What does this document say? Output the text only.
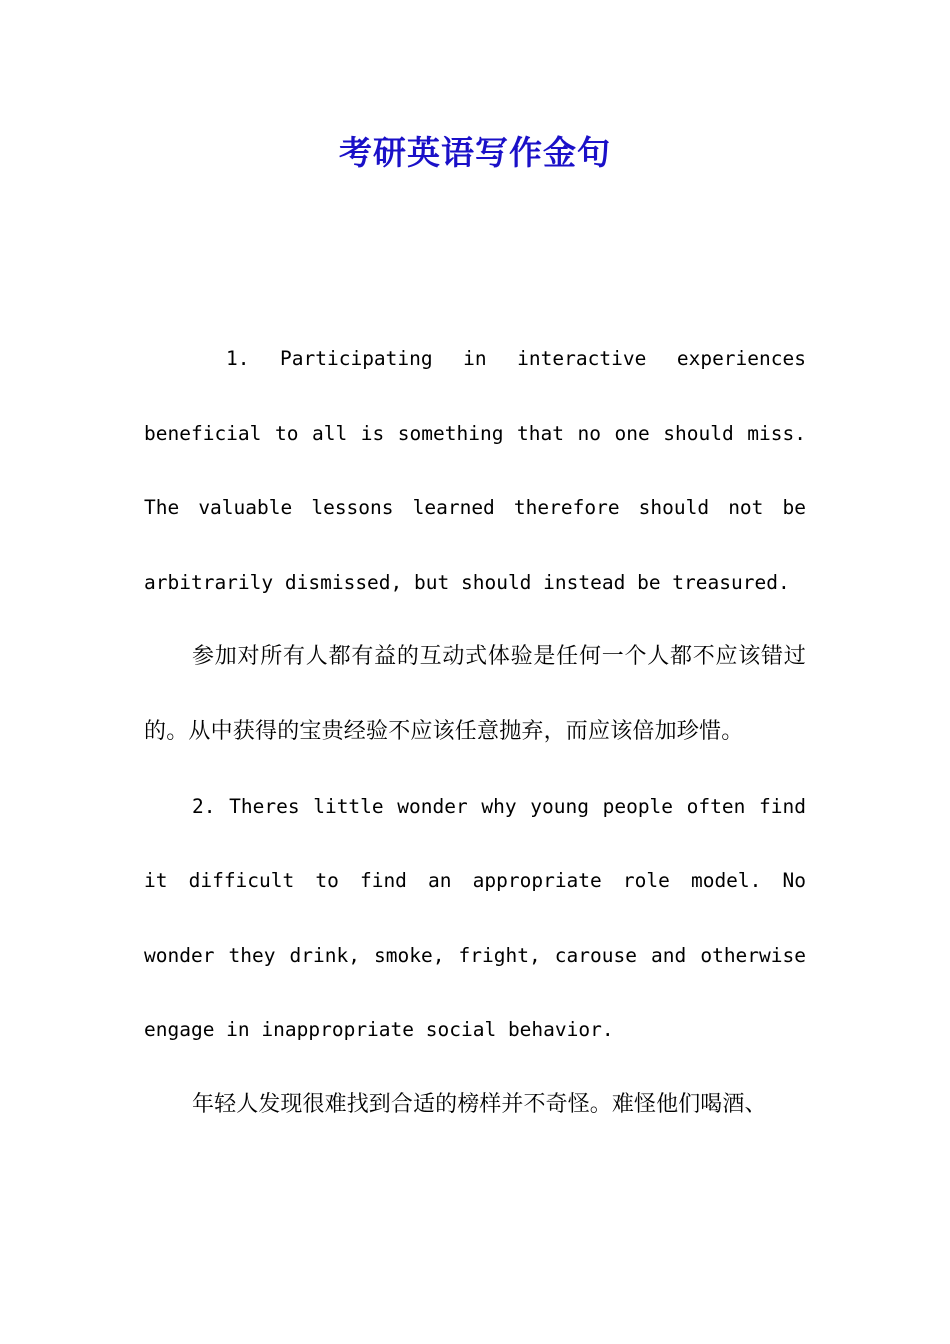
考研英语写作金句

1. Participating in interactive experiences beneficial to all is something that no one should miss. The valuable lessons learned therefore should not be arbitrarily dismissed, but should instead be treasured.

参加对所有人都有益的互动式体验是任何一个人都不应该错过的。从中获得的宝贵经验不应该任意抛弃，而应该倍加珍惜。

2. Theres little wonder why young people often find it difficult to find an appropriate role model. No wonder they drink, smoke, fright, carouse and otherwise engage in inappropriate social behavior.

年轻人发现很难找到合适的榜样并不奇怪。难怪他们喝酒、
